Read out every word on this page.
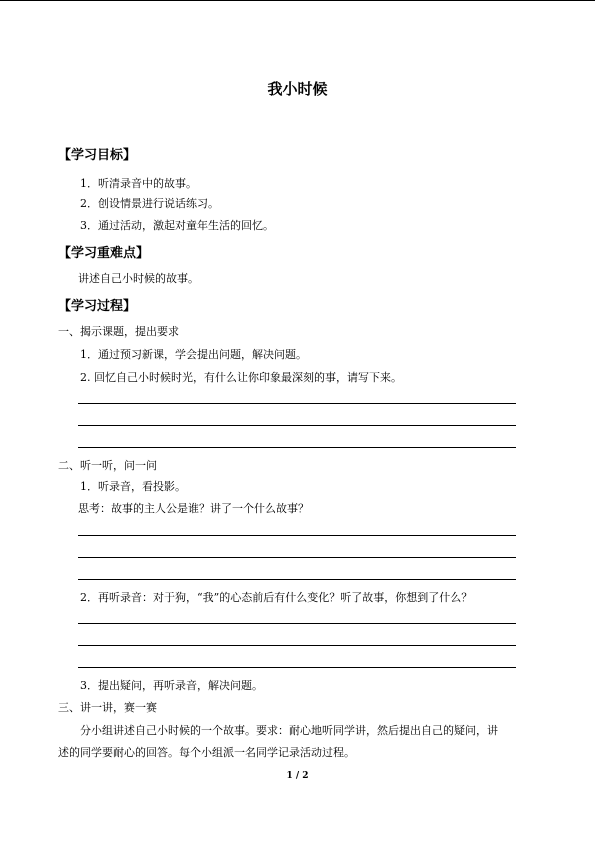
我小时候
【学习目标】
1．听清录音中的故事。
2．创设情景进行说话练习。
3．通过活动，激起对童年生活的回忆。
【学习重难点】
讲述自己小时候的故事。
【学习过程】
一、揭示课题，提出要求
1．通过预习新课，学会提出问题，解决问题。
2. 回忆自己小时候时光，有什么让你印象最深刻的事，请写下来。
二、听一听，问一问
1．听录音，看投影。
思考：故事的主人公是谁？讲了一个什么故事？
2．再听录音：对于狗，“我”的心态前后有什么变化？听了故事，你想到了什么？
3．提出疑问，再听录音，解决问题。
三、讲一讲，赛一赛
分小组讲述自己小时候的一个故事。要求：耐心地听同学讲，然后提出自己的疑问，讲
述的同学要耐心的回答。每个小组派一名同学记录活动过程。
1 / 2
